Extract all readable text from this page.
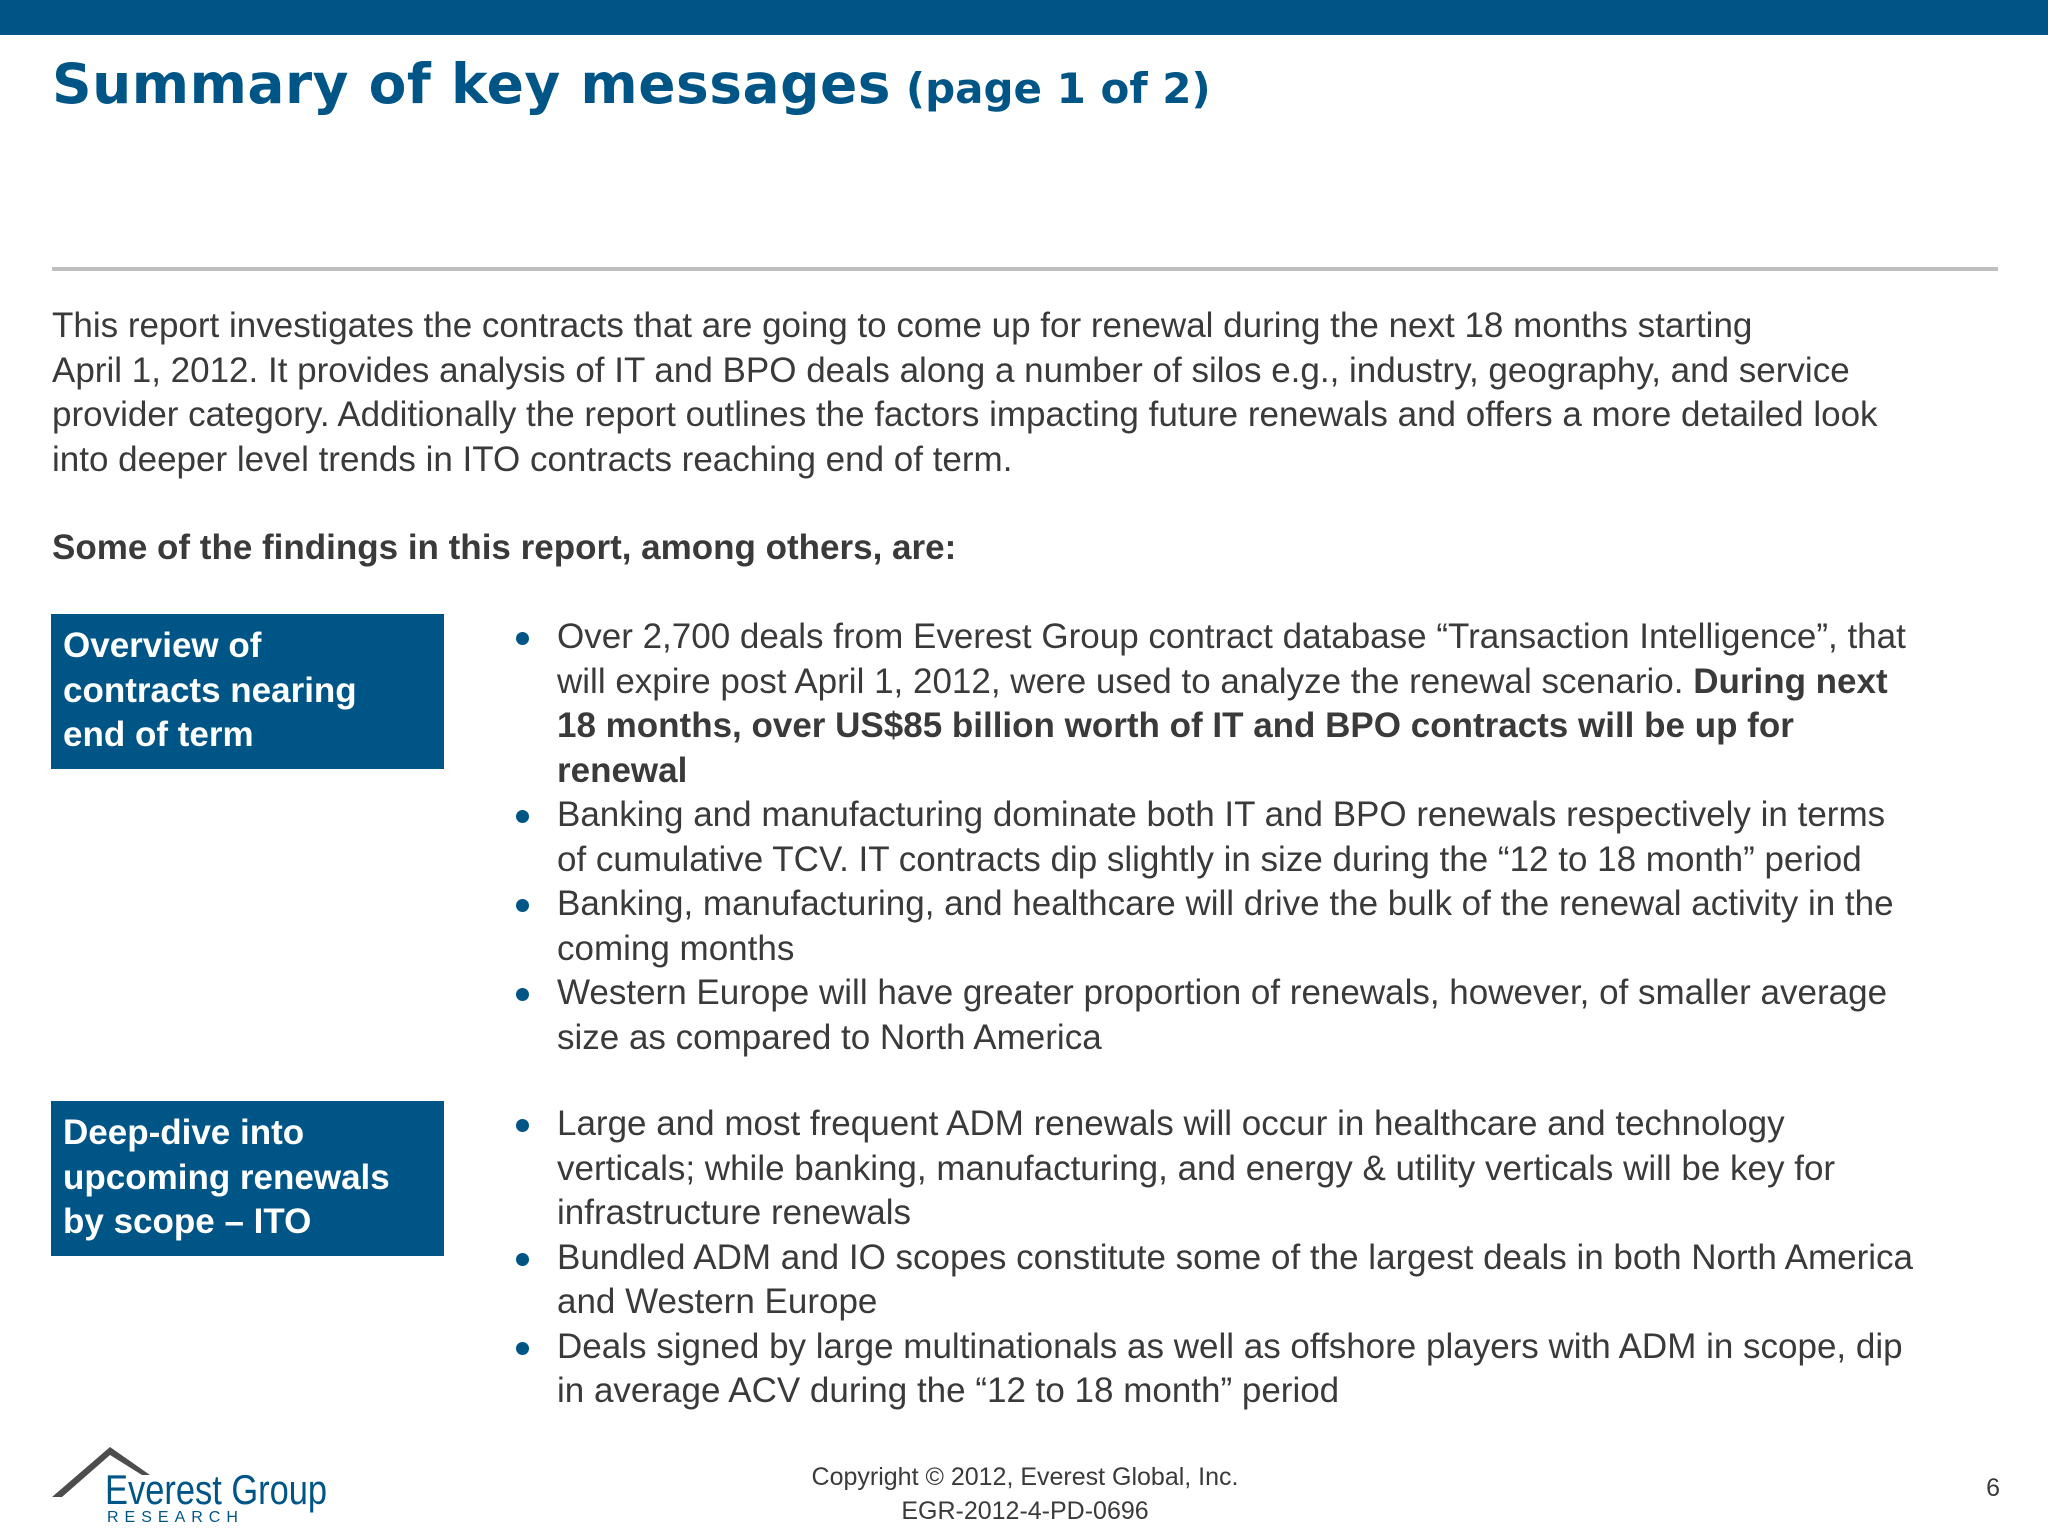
Summary of key messages (page 1 of 2)

This report investigates the contracts that are going to come up for renewal during the next 18 months starting
April 1, 2012. It provides analysis of IT and BPO deals along a number of silos e.g., industry, geography, and service
provider category. Additionally the report outlines the factors impacting future renewals and offers a more detailed look
into deeper level trends in ITO contracts reaching end of term.

Some of the findings in this report, among others, are:

Overview of
contracts nearing
end of term
Over 2,700 deals from Everest Group contract database “Transaction Intelligence”, that
will expire post April 1, 2012, were used to analyze the renewal scenario. During next
18 months, over US$85 billion worth of IT and BPO contracts will be up for
renewal
Banking and manufacturing dominate both IT and BPO renewals respectively in terms
of cumulative TCV. IT contracts dip slightly in size during the “12 to 18 month” period
Banking, manufacturing, and healthcare will drive the bulk of the renewal activity in the
coming months
Western Europe will have greater proportion of renewals, however, of smaller average
size as compared to North America
Deep-dive into
upcoming renewals
by scope – ITO
Large and most frequent ADM renewals will occur in healthcare and technology
verticals; while banking, manufacturing, and energy & utility verticals will be key for
infrastructure renewals
Bundled ADM and IO scopes constitute some of the largest deals in both North America
and Western Europe
Deals signed by large multinationals as well as offshore players with ADM in scope, dip
in average ACV during the “12 to 18 month” period
Everest Group
RESEARCH
Copyright © 2012, Everest Global, Inc.
EGR-2012-4-PD-0696
6
